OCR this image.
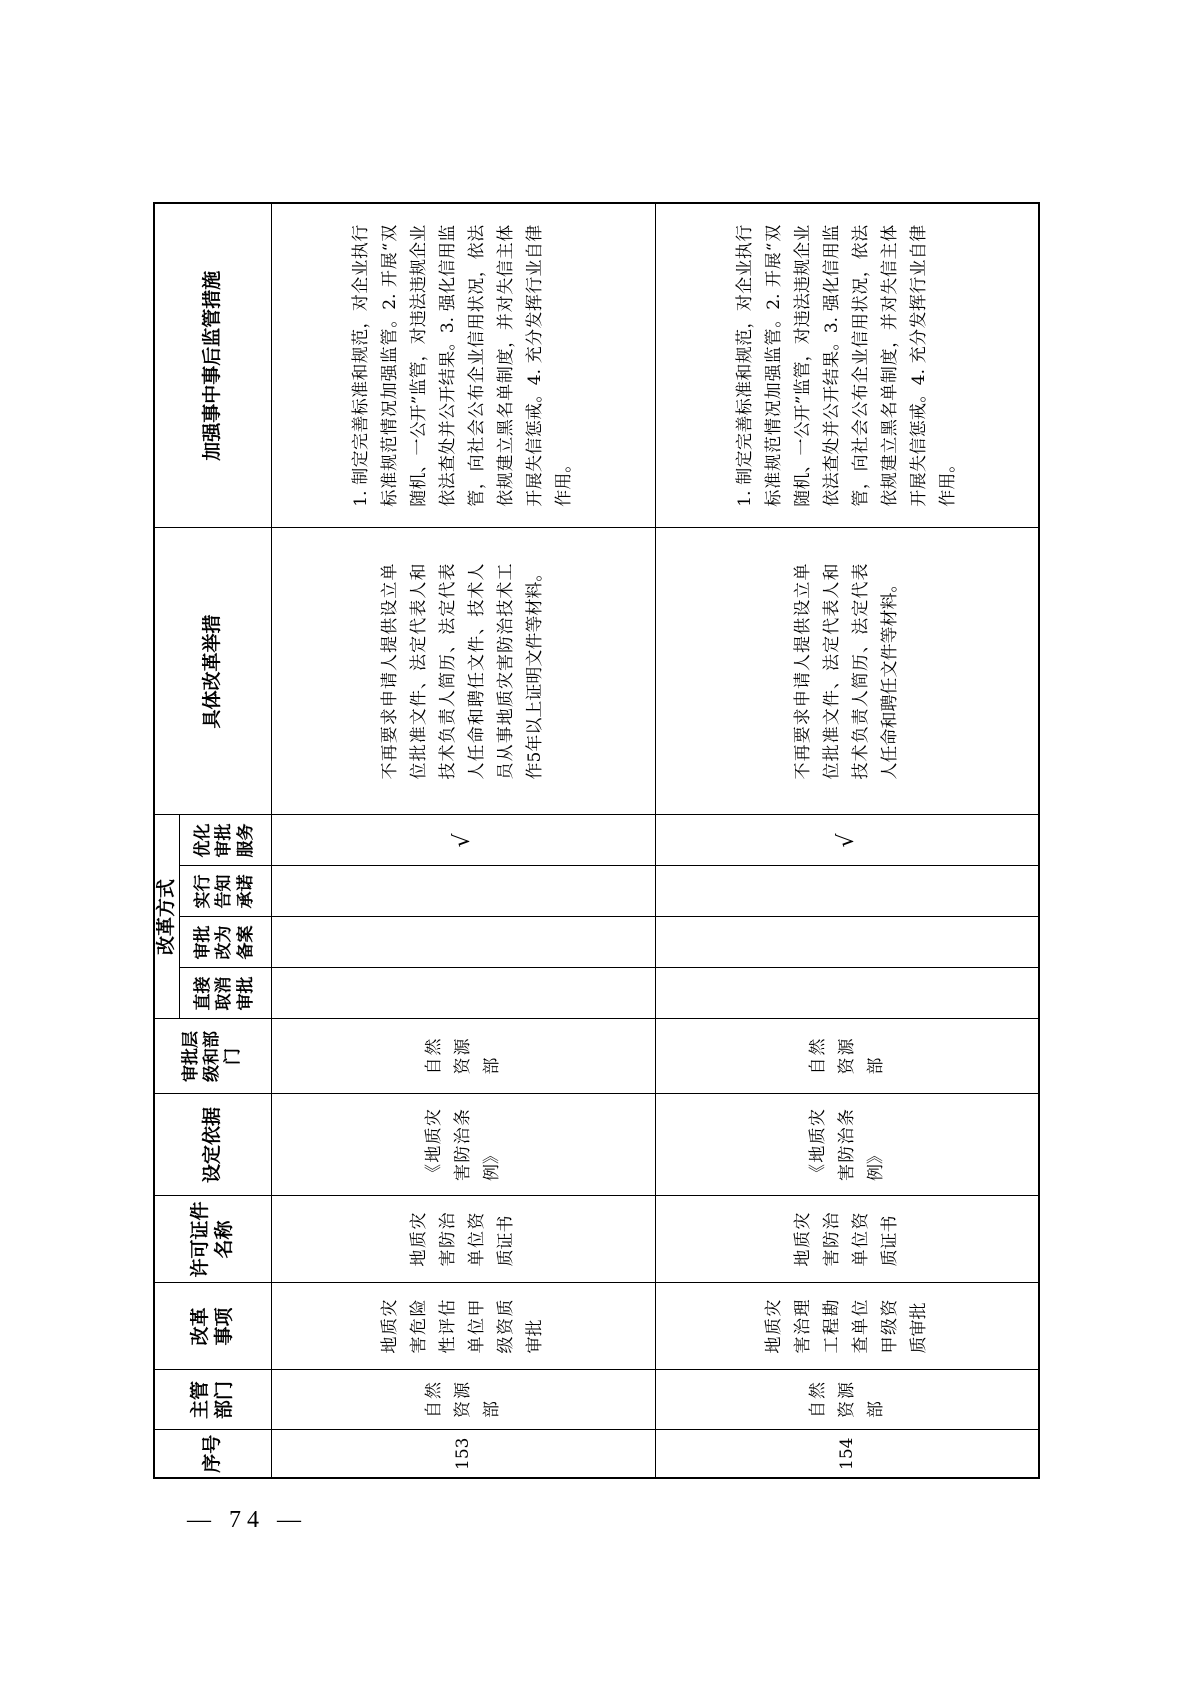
序号	主管部门	改革事项	许可证件名称	设定依据	审批层级和部门	改革方式				具体改革举措	加强事中事后监管措施
						直接取消审批	审批改为备案	实行告知承诺	优化审批服务		
153	自然资源部	地质灾害危险性评估单位甲级资质审批	地质灾害防治单位资质证书	《地质灾害防治条例》	自然资源部				√	不再要求申请人提供设立单位批准文件、法定代表人和技术负责人简历、法定代表人任命和聘任文件、技术人员从事地质灾害防治技术工作5年以上证明文件等材料。	1. 制定完善标准和规范，对企业执行标准规范情况加强监管。2. 开展“双随机、一公开”监管，对违法违规企业依法查处并公开结果。3. 强化信用监管，向社会公布企业信用状况，依法依规建立黑名单制度，并对失信主体开展失信惩戒。4. 充分发挥行业自律作用。
154	自然资源部	地质灾害治理工程勘查单位甲级资质审批	地质灾害防治单位资质证书	《地质灾害防治条例》	自然资源部				√	不再要求申请人提供设立单位批准文件、法定代表人和技术负责人简历、法定代表人任命和聘任文件等材料。	1. 制定完善标准和规范，对企业执行标准规范情况加强监管。2. 开展“双随机、一公开”监管，对违法违规企业依法查处并公开结果。3. 强化信用监管，向社会公布企业信用状况，依法依规建立黑名单制度，并对失信主体开展失信惩戒。4. 充分发挥行业自律作用。
— 74 —
